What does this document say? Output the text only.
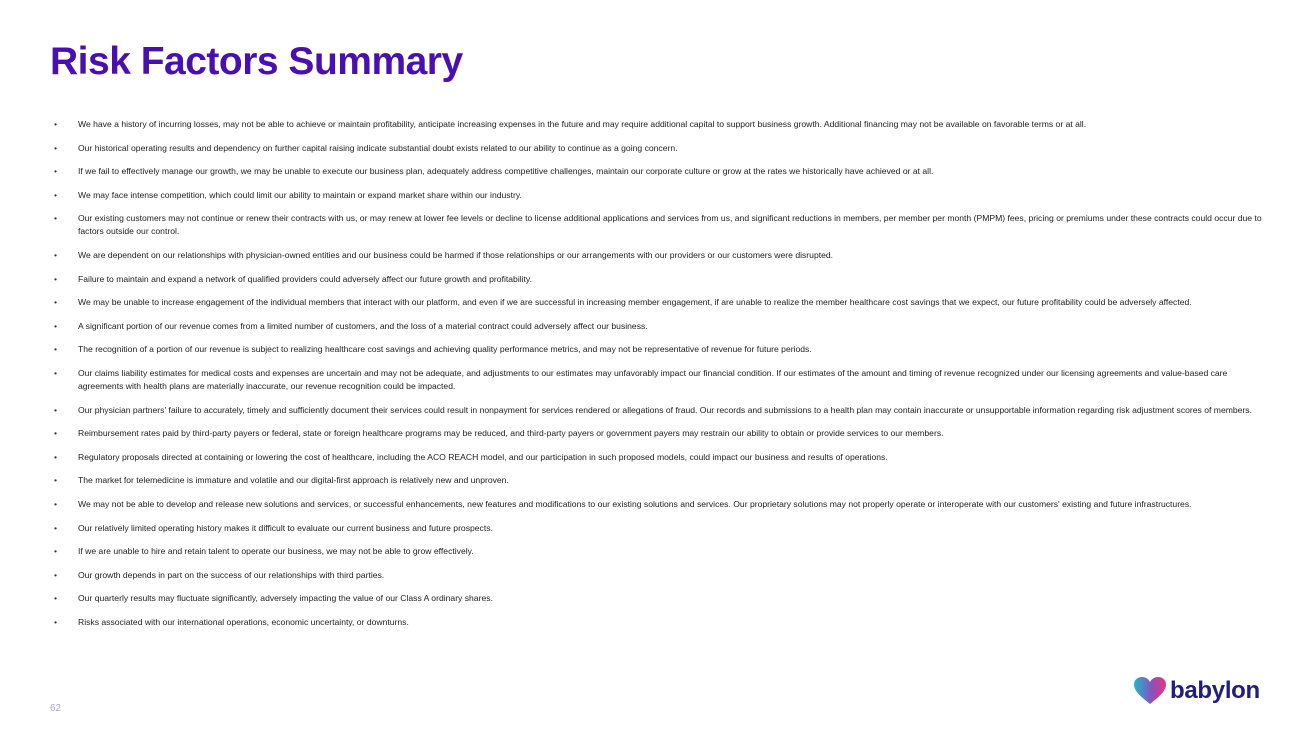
Risk Factors Summary
• We have a history of incurring losses, may not be able to achieve or maintain profitability, anticipate increasing expenses in the future and may require additional capital to support business growth. Additional financing may not be available on favorable terms or at all.
• Our historical operating results and dependency on further capital raising indicate substantial doubt exists related to our ability to continue as a going concern.
• If we fail to effectively manage our growth, we may be unable to execute our business plan, adequately address competitive challenges, maintain our corporate culture or grow at the rates we historically have achieved or at all.
• We may face intense competition, which could limit our ability to maintain or expand market share within our industry.
• Our existing customers may not continue or renew their contracts with us, or may renew at lower fee levels or decline to license additional applications and services from us, and significant reductions in members, per member per month (PMPM) fees, pricing or premiums under these contracts could occur due to factors outside our control.
• We are dependent on our relationships with physician-owned entities and our business could be harmed if those relationships or our arrangements with our providers or our customers were disrupted.
• Failure to maintain and expand a network of qualified providers could adversely affect our future growth and profitability.
• We may be unable to increase engagement of the individual members that interact with our platform, and even if we are successful in increasing member engagement, if are unable to realize the member healthcare cost savings that we expect, our future profitability could be adversely affected.
• A significant portion of our revenue comes from a limited number of customers, and the loss of a material contract could adversely affect our business.
• The recognition of a portion of our revenue is subject to realizing healthcare cost savings and achieving quality performance metrics, and may not be representative of revenue for future periods.
• Our claims liability estimates for medical costs and expenses are uncertain and may not be adequate, and adjustments to our estimates may unfavorably impact our financial condition. If our estimates of the amount and timing of revenue recognized under our licensing agreements and value-based care agreements with health plans are materially inaccurate, our revenue recognition could be impacted.
• Our physician partners' failure to accurately, timely and sufficiently document their services could result in nonpayment for services rendered or allegations of fraud. Our records and submissions to a health plan may contain inaccurate or unsupportable information regarding risk adjustment scores of members.
• Reimbursement rates paid by third-party payers or federal, state or foreign healthcare programs may be reduced, and third-party payers or government payers may restrain our ability to obtain or provide services to our members.
• Regulatory proposals directed at containing or lowering the cost of healthcare, including the ACO REACH model, and our participation in such proposed models, could impact our business and results of operations.
• The market for telemedicine is immature and volatile and our digital-first approach is relatively new and unproven.
• We may not be able to develop and release new solutions and services, or successful enhancements, new features and modifications to our existing solutions and services. Our proprietary solutions may not properly operate or interoperate with our customers' existing and future infrastructures.
• Our relatively limited operating history makes it difficult to evaluate our current business and future prospects.
• If we are unable to hire and retain talent to operate our business, we may not be able to grow effectively.
• Our growth depends in part on the success of our relationships with third parties.
• Our quarterly results may fluctuate significantly, adversely impacting the value of our Class A ordinary shares.
• Risks associated with our international operations, economic uncertainty, or downturns.
62
babylon
